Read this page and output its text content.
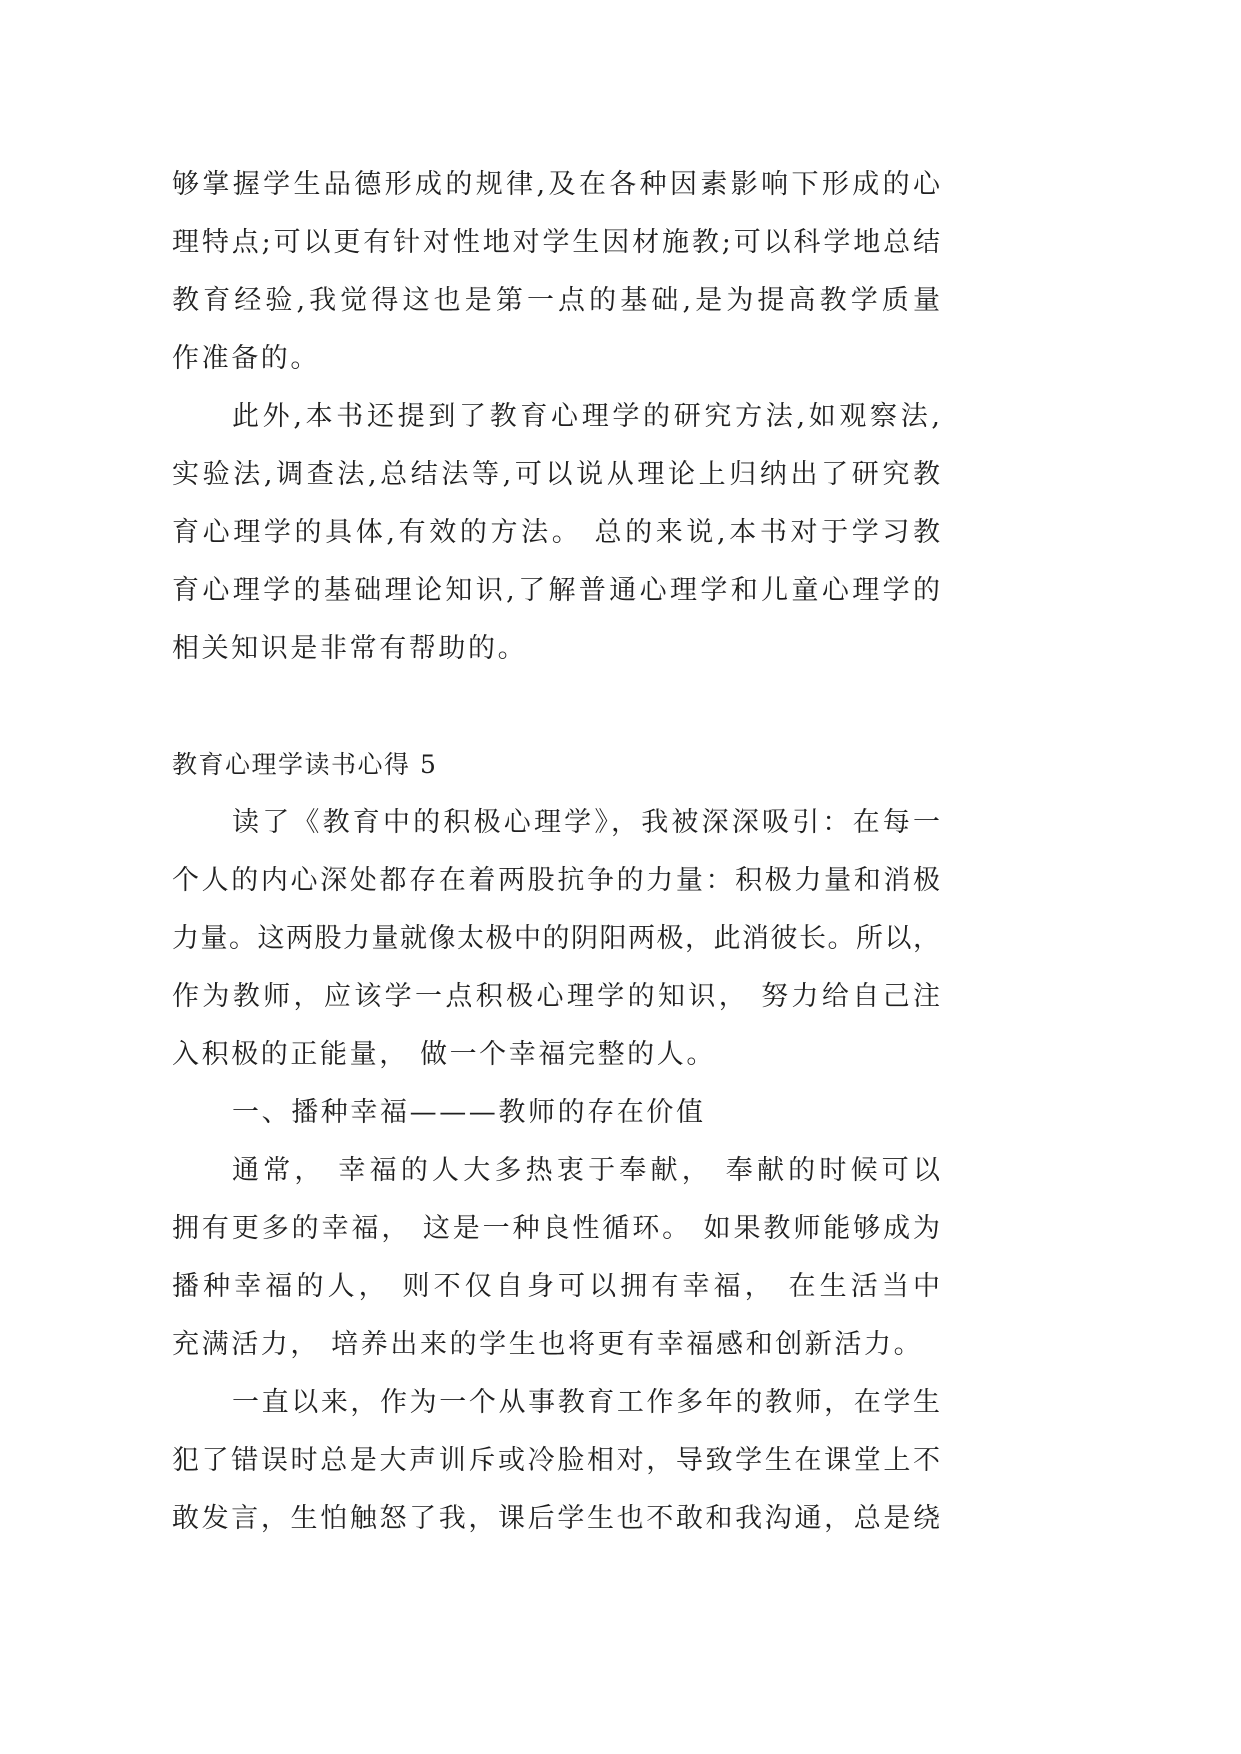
够掌握学生品德形成的规律,及在各种因素影响下形成的心
理特点;可以更有针对性地对学生因材施教;可以科学地总结
教育经验,我觉得这也是第一点的基础,是为提高教学质量
作准备的。
此外,本书还提到了教育心理学的研究方法,如观察法,
实验法,调查法,总结法等,可以说从理论上归纳出了研究教
育心理学的具体,有效的方法。 总的来说,本书对于学习教
育心理学的基础理论知识,了解普通心理学和儿童心理学的
相关知识是非常有帮助的。
教育心理学读书心得 5
读了《教育中的积极心理学》，我被深深吸引：在每一
个人的内心深处都存在着两股抗争的力量：积极力量和消极
力量。这两股力量就像太极中的阴阳两极，此消彼长。所以，
作为教师，应该学一点积极心理学的知识， 努力给自己注
入积极的正能量， 做一个幸福完整的人。
一、播种幸福———教师的存在价值
通常， 幸福的人大多热衷于奉献， 奉献的时候可以
拥有更多的幸福， 这是一种良性循环。 如果教师能够成为
播种幸福的人， 则不仅自身可以拥有幸福， 在生活当中
充满活力， 培养出来的学生也将更有幸福感和创新活力。
一直以来，作为一个从事教育工作多年的教师，在学生
犯了错误时总是大声训斥或冷脸相对，导致学生在课堂上不
敢发言，生怕触怒了我，课后学生也不敢和我沟通，总是绕
